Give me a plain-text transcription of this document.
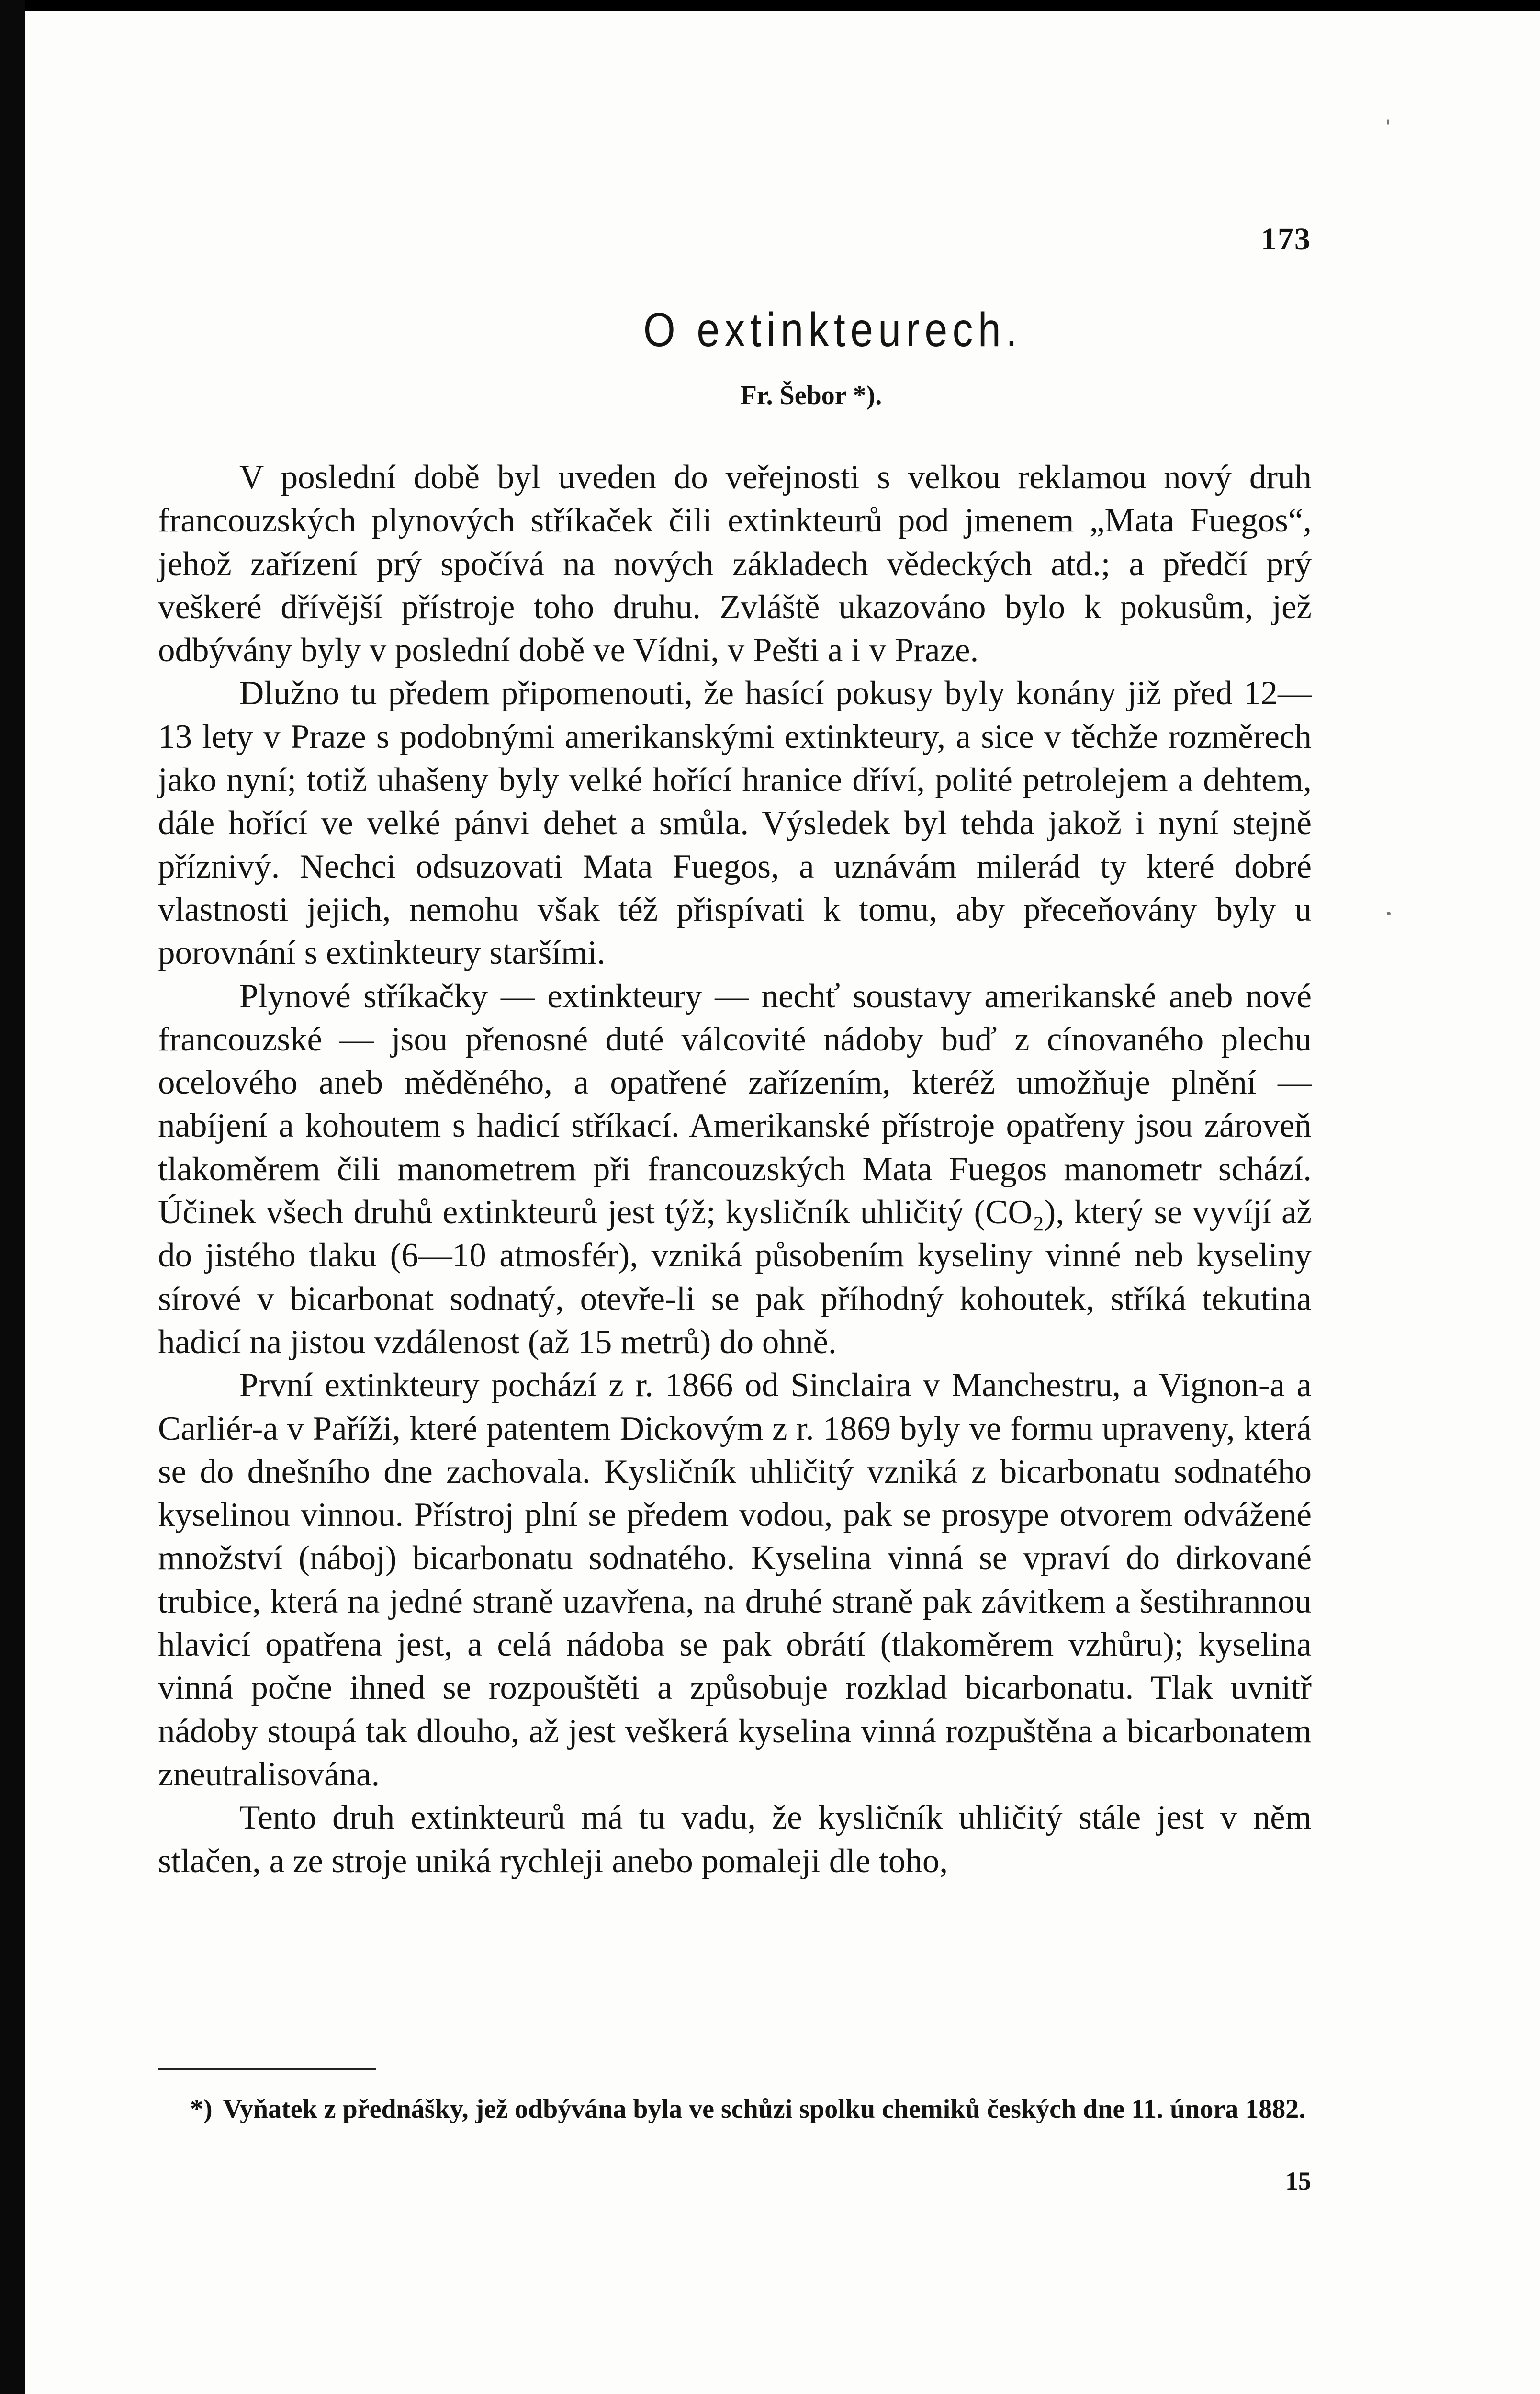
173
O extinkteurech.
Fr. Šebor *).

V poslední době byl uveden do veřejnosti s velkou reklamou nový druh francouzských plynových stříkaček čili extinkteurů pod jmenem „Mata Fuegos“, jehož zařízení prý spočívá na nových základech vědeckých atd.; a předčí prý veškeré dřívější přístroje toho druhu. Zvláště ukazováno bylo k pokusům, jež odbývány byly v poslední době ve Vídni, v Pešti a i v Praze.

Dlužno tu předem připomenouti, že hasící pokusy byly konány již před 12—13 lety v Praze s podobnými amerikanskými extinkteury, a sice v těchže rozměrech jako nyní; totiž uhašeny byly velké hořící hranice dříví, polité petrolejem a dehtem, dále hořící ve velké pánvi dehet a smůla. Výsledek byl tehda jakož i nyní stejně příznivý. Nechci odsuzovati Mata Fuegos, a uznávám milerád ty které dobré vlastnosti jejich, nemohu však též přispívati k tomu, aby přeceňovány byly u porovnání s extinkteury staršími.

Plynové stříkačky — extinkteury — nechť soustavy amerikanské aneb nové francouzské — jsou přenosné duté válcovité nádoby buď z cínovaného plechu ocelového aneb měděného, a opatřené zařízením, kteréž umožňuje plnění — nabíjení a kohoutem s hadicí stříkací. Amerikanské přístroje opatřeny jsou zároveň tlakoměrem čili manometrem při francouzských Mata Fuegos manometr schází. Účinek všech druhů extinkteurů jest týž; kysličník uhličitý (CO₂), který se vyvíjí až do jistého tlaku (6—10 atmosfér), vzniká působením kyseliny vinné neb kyseliny sírové v bicarbonat sodnatý, otevře-li se pak příhodný kohoutek, stříká tekutina hadicí na jistou vzdálenost (až 15 metrů) do ohně.

První extinkteury pochází z r. 1866 od Sinclaira v Manchestru, a Vignon-a a Carliér-a v Paříži, které patentem Dickovým z r. 1869 byly ve formu upraveny, která se do dnešního dne zachovala. Kysličník uhličitý vzniká z bicarbonatu sodnatého kyselinou vinnou. Přístroj plní se předem vodou, pak se prosype otvorem odvážené množství (náboj) bicarbonatu sodnatého. Kyselina vinná se vpraví do dirkované trubice, která na jedné straně uzavřena, na druhé straně pak závitkem a šestihrannou hlavicí opatřena jest, a celá nádoba se pak obrátí (tlakoměrem vzhůru); kyselina vinná počne ihned se rozpouštěti a způsobuje rozklad bicarbonatu. Tlak uvnitř nádoby stoupá tak dlouho, až jest veškerá kyselina vinná rozpuštěna a bicarbonatem zneutralisována.

Tento druh extinkteurů má tu vadu, že kysličník uhličitý stále jest v něm stlačen, a ze stroje uniká rychleji anebo pomaleji dle toho,

*) Vyňatek z přednášky, jež odbývána byla ve schůzi spolku chemiků českých dne 11. února 1882.
15
